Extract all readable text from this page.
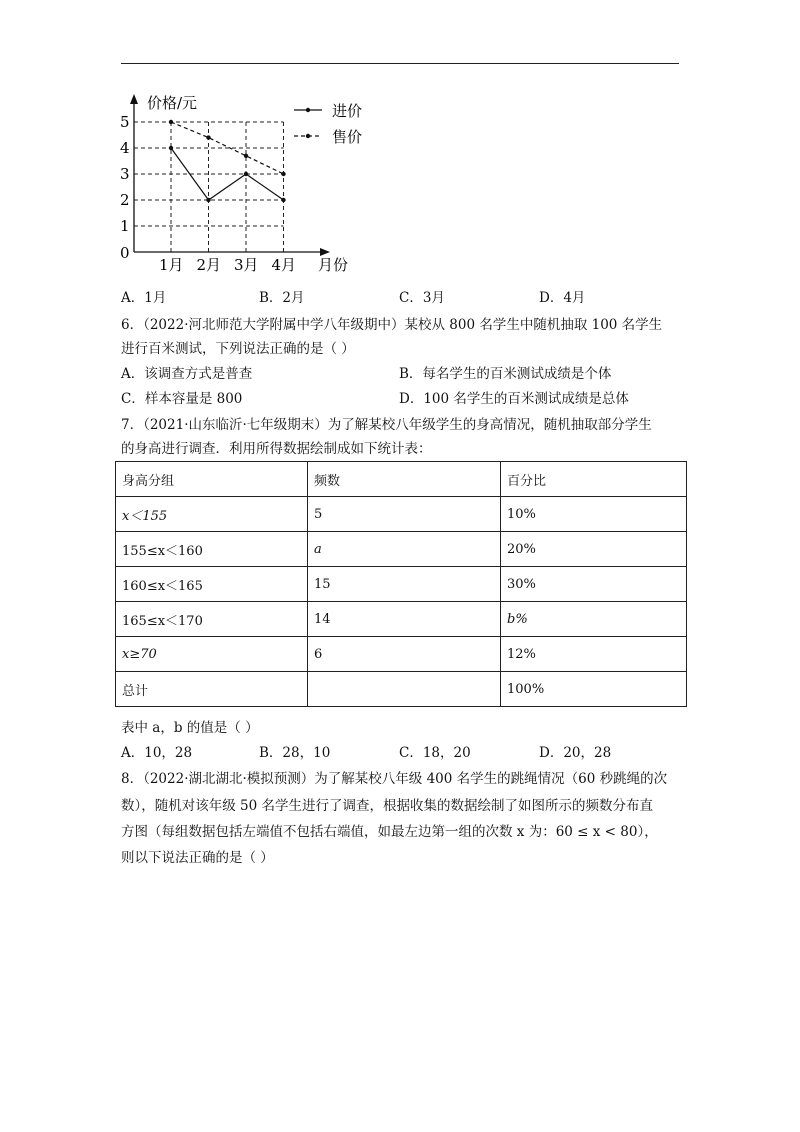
1
2
3
4
5
1月 2月 3月 4月
进价
售价
价格/元
月份
0
A．1月	B．2月	C．3月	D．4月
6．（2022·河北师范大学附属中学八年级期中）某校从 800 名学生中随机抽取 100 名学生
进行百米测试，下列说法正确的是（ ）
A．该调查方式是普查	B．每名学生的百米测试成绩是个体
C．样本容量是 800	D．100 名学生的百米测试成绩是总体
7．（2021·山东临沂·七年级期末）为了解某校八年级学生的身高情况，随机抽取部分学生
的身高进行调查．利用所得数据绘制成如下统计表：
身高分组	频数	百分比
x＜155	5	10%
155≤x＜160	a	20%
160≤x＜165	15	30%
165≤x＜170	14	b%
x≥70	6	12%
总计		100%
表中 a，b 的值是（ ）
A．10，28	B．28，10	C．18，20	D．20，28
8．（2022·湖北湖北·模拟预测）为了解某校八年级 400 名学生的跳绳情况（60 秒跳绳的次
数），随机对该年级 50 名学生进行了调查，根据收集的数据绘制了如图所示的频数分布直
方图（每组数据包括左端值不包括右端值，如最左边第一组的次数 x 为：60 ≤ x < 80），
则以下说法正确的是（ ）
